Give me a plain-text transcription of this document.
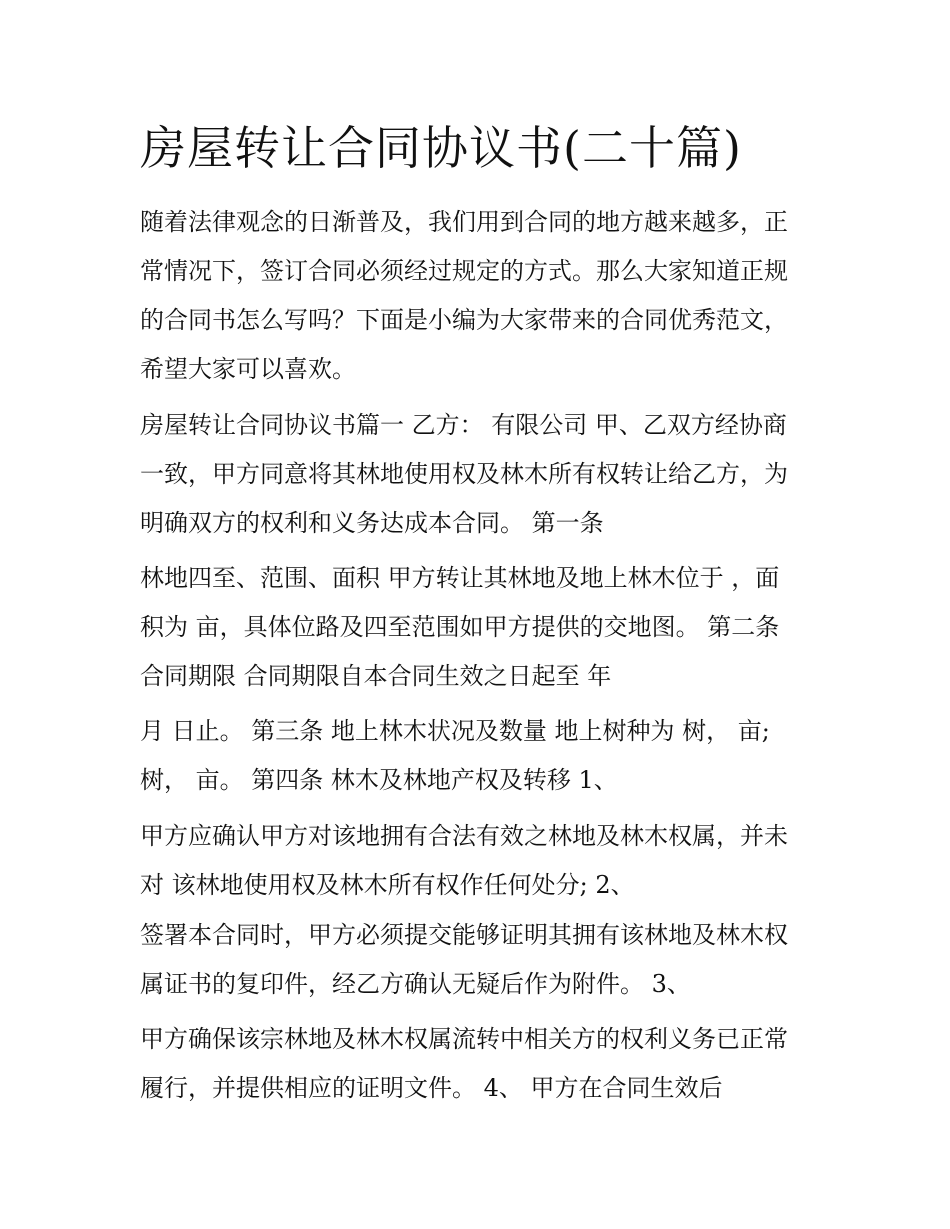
房屋转让合同协议书(二十篇)

随着法律观念的日渐普及，我们用到合同的地方越来越多，正

常情况下，签订合同必须经过规定的方式。那么大家知道正规

的合同书怎么写吗？下面是小编为大家带来的合同优秀范文，

希望大家可以喜欢。

房屋转让合同协议书篇一 乙方： 有限公司 甲、乙双方经协商

一致，甲方同意将其林地使用权及林木所有权转让给乙方，为

明确双方的权利和义务达成本合同。 第一条

林地四至、范围、面积 甲方转让其林地及地上林木位于 ，面

积为 亩，具体位路及四至范围如甲方提供的交地图。 第二条

合同期限 合同期限自本合同生效之日起至 年

月 日止。 第三条 地上林木状况及数量 地上树种为 树， 亩;

树， 亩。 第四条 林木及林地产权及转移 1、

甲方应确认甲方对该地拥有合法有效之林地及林木权属，并未

对 该林地使用权及林木所有权作任何处分; 2、

签署本合同时，甲方必须提交能够证明其拥有该林地及林木权

属证书的复印件，经乙方确认无疑后作为附件。 3、

甲方确保该宗林地及林木权属流转中相关方的权利义务已正常

履行，并提供相应的证明文件。 4、 甲方在合同生效后
